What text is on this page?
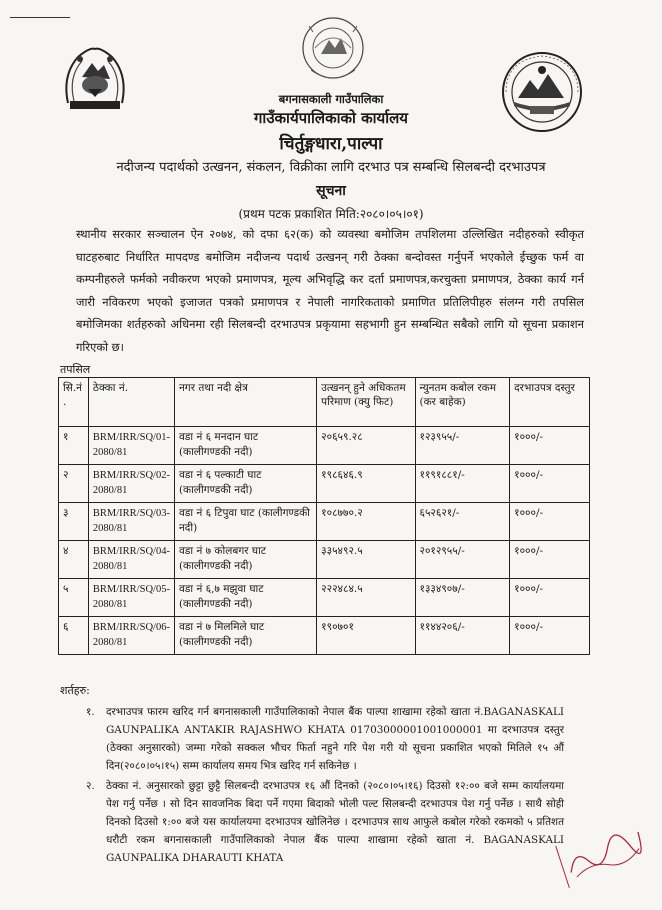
बगनासकाली गाउँपालिका
गाउँकार्यपालिकाको कार्यालय
चिर्तुङ्गधारा,पाल्पा
नदीजन्य पदार्थको उत्खनन, संकलन, विक्रीका लागि दरभाउ पत्र सम्बन्धि सिलबन्दी दरभाउपत्र
सूचना
(प्रथम पटक प्रकाशित मिति:२०८०।०५।०१)
स्थानीय सरकार सञ्चालन ऐन २०७४, को दफा ६२(क) को व्यवस्था बमोजिम तपशिलमा उल्लिखित नदीहरुको स्वीकृत घाटहरुबाट निर्धारित मापदण्ड बमोजिम नदीजन्य पदार्थ उत्खनन् गरी ठेक्का बन्दोवस्त गर्नुपर्ने भएकोले ईच्छुक फर्म वा कम्पनीहरुले फर्मको नवीकरण भएको प्रमाणपत्र, मूल्य अभिवृद्धि कर दर्ता प्रमाणपत्र,करचुक्ता प्रमाणपत्र, ठेक्का कार्य गर्न जारी नविकरण भएको इजाजत पत्रको प्रमाणपत्र र नेपाली नागरिकताको प्रमाणित प्रतिलिपीहरु संलग्न गरी तपसिल बमोजिमका शर्तहरुको अधिनमा रही सिलबन्दी दरभाउपत्र प्रकृयामा सहभागी हुन सम्बन्धित सबैको लागि यो सूचना प्रकाशन गरिएको छ।
तपसिल
सि.नं .	ठेक्का नं.	नगर तथा नदी क्षेत्र	उत्खनन् हुने अधिकतम परिमाण (क्यु फिट)	न्युनतम कबोल रकम (कर बाहेक)	दरभाउपत्र दस्तुर
१	BRM/IRR/SQ/01-2080/81	वडा नं ६ मनदान घाट (कालीगण्डकी नदी)	२०६५९.२८	१२३९५५/-	१०००/-
२	BRM/IRR/SQ/02-2080/81	वडा नं ६ पल्काटी घाट (कालीगण्डकी नदी)	१९८६४६.९	११९१८८१/-	१०००/-
३	BRM/IRR/SQ/03-2080/81	वडा नं ६ टिपुवा घाट (कालीगण्डकी नदी)	१०८७७०.२	६५२६२१/-	१०००/-
४	BRM/IRR/SQ/04-2080/81	वडा नं ७ कोलबगर घाट (कालीगण्डकी नदी)	३३५४९२.५	२०१२९५५/-	१०००/-
५	BRM/IRR/SQ/05-2080/81	वडा नं ६,७ मझुवा घाट (कालीगण्डकी नदी)	२२२४८४.५	१३३४९०७/-	१०००/-
६	BRM/IRR/SQ/06-2080/81	वडा नं ७ मिलमिले घाट (कालीगण्डकी नदी)	१९०७०१	११४४२०६/-	१०००/-
शर्तहरु:
१. दरभाउपत्र फारम खरिद गर्न बगनासकाली गाउँपालिकाको नेपाल बैंक पाल्पा शाखामा रहेको खाता नं.BAGANASKALI GAUNPALIKA ANTAKIR RAJASHWO KHATA 01703000001001000001 मा दरभाउपत्र दस्तुर (ठेक्का अनुसारको) जम्मा गरेको सक्कल भौचर फिर्ता नहुने गरि पेश गरी यो सूचना प्रकाशित भएको मितिले १५ औं दिन(२०८०।०५।१५) सम्म कार्यालय समय भित्र खरिद गर्न सकिनेछ ।
२. ठेक्का नं. अनुसारको छुट्टा छुट्टै सिलबन्दी दरभाउपत्र १६ औं दिनको (२०८०।०५।१६) दिउसो १२:०० बजे सम्म कार्यालयमा पेश गर्नु पर्नेछ । सो दिन सावजनिक बिदा पर्ने गएमा बिदाको भोली पल्ट सिलबन्दी दरभाउपत्र पेश गर्नु पर्नेछ । साथै सोही दिनको दिउसो १:०० बजे यस कार्यालयमा दरभाउपत्र खोलिनेछ । दरभाउपत्र साथ आफुले कबोल गरेको रकमको ५ प्रतिशत धरौटी रकम बगनासकाली गाउँपालिकाको नेपाल बैंक पाल्पा शाखामा रहेको खाता नं. BAGANASKALI GAUNPALIKA DHARAUTI KHATA
